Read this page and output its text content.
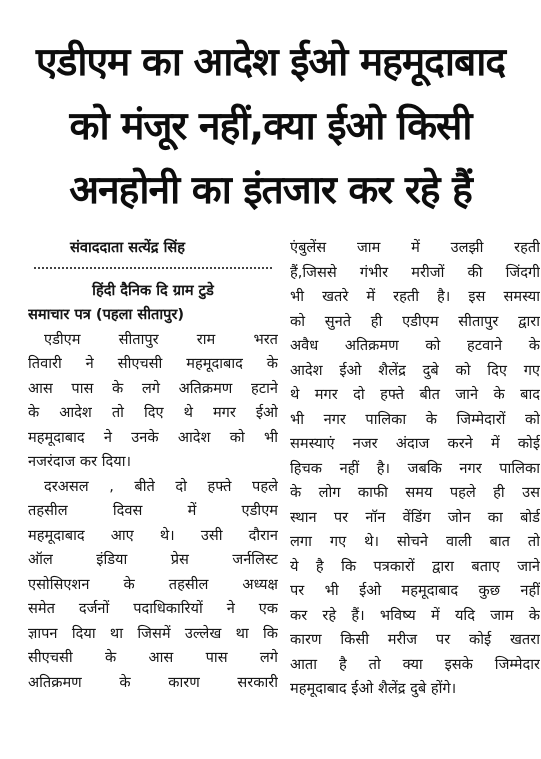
एडीएम का आदेश ईओ महमूदाबाद
को मंजूर नहीं,क्या ईओ किसी
अनहोनी का इंतजार कर रहे हैं
संवाददाता सत्येंद्र सिंह
हिंदी दैनिक दि ग्राम टुडे
समाचार पत्र (पहला सीतापुर)
एडीएम सीतापुर राम भरत
तिवारी ने सीएचसी महमूदाबाद के
आस पास के लगे अतिक्रमण हटाने
के आदेश तो दिए थे मगर ईओ
महमूदाबाद ने उनके आदेश को भी
नजरंदाज कर दिया।
दरअसल , बीते दो हफ्ते पहले
तहसील दिवस में एडीएम
महमूदाबाद आए थे। उसी दौरान
ऑल इंडिया प्रेस जर्नलिस्ट
एसोसिएशन के तहसील अध्यक्ष
समेत दर्जनों पदाधिकारियों ने एक
ज्ञापन दिया था जिसमें उल्लेख था कि
सीएचसी के आस पास लगे
अतिक्रमण के कारण सरकारी
एंबुलेंस जाम में उलझी रहती
हैं,जिससे गंभीर मरीजों की जिंदगी
भी खतरे में रहती है। इस समस्या
को सुनते ही एडीएम सीतापुर द्वारा
अवैध अतिक्रमण को हटवाने के
आदेश ईओ शैलेंद्र दुबे को दिए गए
थे मगर दो हफ्ते बीत जाने के बाद
भी नगर पालिका के जिम्मेदारों को
समस्याएं नजर अंदाज करने में कोई
हिचक नहीं है। जबकि नगर पालिका
के लोग काफी समय पहले ही उस
स्थान पर नॉन वेंडिंग जोन का बोर्ड
लगा गए थे। सोचने वाली बात तो
ये है कि पत्रकारों द्वारा बताए जाने
पर भी ईओ महमूदाबाद कुछ नहीं
कर रहे हैं। भविष्य में यदि जाम के
कारण किसी मरीज पर कोई खतरा
आता है तो क्या इसके जिम्मेदार
महमूदाबाद ईओ शैलेंद्र दुबे होंगे।
